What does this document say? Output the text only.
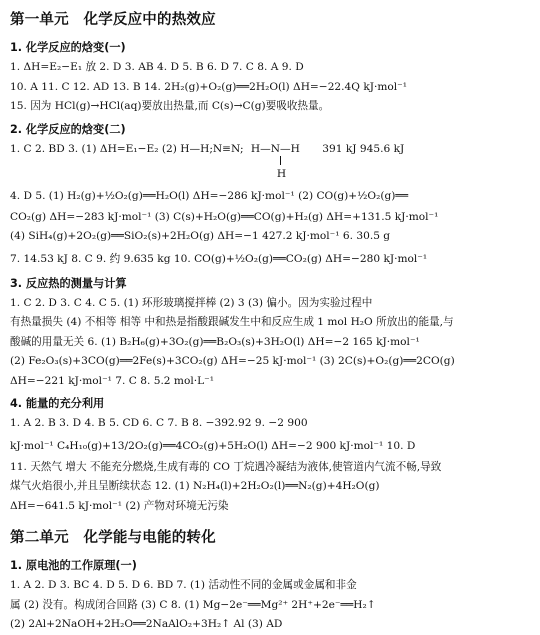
第一单元　化学反应中的热效应
1. 化学反应的焓变(一)
1. ΔH=E₂−E₁ 放 2. D 3. AB 4. D 5. B 6. D 7. C 8. A 9. D
10. A 11. C 12. AD 13. B 14. 2H₂(g)+O₂(g)══2H₂O(l) ΔH=−22.4Q kJ·mol⁻¹
15. 因为 HCl(g)→HCl(aq)要放出热量,而 C(s)→C(g)要吸收热量。
2. 化学反应的焓变(二)
1. C 2. BD 3. (1) ΔH=E₁−E₂ (2) H—H;N≡N; H—N—H
H
391 kJ 945.6 kJ
4. D 5. (1) H₂(g)+½O₂(g)══H₂O(l) ΔH=−286 kJ·mol⁻¹ (2) CO(g)+½O₂(g)══
CO₂(g) ΔH=−283 kJ·mol⁻¹ (3) C(s)+H₂O(g)══CO(g)+H₂(g) ΔH=+131.5 kJ·mol⁻¹
(4) SiH₄(g)+2O₂(g)══SiO₂(s)+2H₂O(g) ΔH=−1 427.2 kJ·mol⁻¹ 6. 30.5 g
7. 14.53 kJ 8. C 9. 约 9.635 kg 10. CO(g)+½O₂(g)══CO₂(g) ΔH=−280 kJ·mol⁻¹
3. 反应热的测量与计算
1. C 2. D 3. C 4. C 5. (1) 环形玻璃搅拌棒 (2) 3 (3) 偏小。因为实验过程中
有热量损失 (4) 不相等 相等 中和热是指酸跟碱发生中和反应生成 1 mol H₂O 所放出的能量,与
酸碱的用量无关 6. (1) B₂H₆(g)+3O₂(g)══B₂O₃(s)+3H₂O(l) ΔH=−2 165 kJ·mol⁻¹
(2) Fe₂O₃(s)+3CO(g)══2Fe(s)+3CO₂(g) ΔH=−25 kJ·mol⁻¹ (3) 2C(s)+O₂(g)══2CO(g)
ΔH=−221 kJ·mol⁻¹ 7. C 8. 5.2 mol·L⁻¹
4. 能量的充分利用
1. A 2. B 3. D 4. B 5. CD 6. C 7. B 8. −392.92 9. −2 900
kJ·mol⁻¹ C₄H₁₀(g)+13/2O₂(g)══4CO₂(g)+5H₂O(l) ΔH=−2 900 kJ·mol⁻¹ 10. D
11. 天然气 增大 不能充分燃烧,生成有毒的 CO 丁烷遇冷凝结为液体,使管道内气流不畅,导致
煤气火焰很小,并且呈断续状态 12. (1) N₂H₄(l)+2H₂O₂(l)══N₂(g)+4H₂O(g)
ΔH=−641.5 kJ·mol⁻¹ (2) 产物对环境无污染
第二单元　化学能与电能的转化
1. 原电池的工作原理(一)
1. A 2. D 3. BC 4. D 5. D 6. BD 7. (1) 活动性不同的金属或金属和非金
属 (2) 没有。构成闭合回路 (3) C 8. (1) Mg−2e⁻══Mg²⁺ 2H⁺+2e⁻══H₂↑
(2) 2Al+2NaOH+2H₂O══2NaAlO₂+3H₂↑ Al (3) AD
